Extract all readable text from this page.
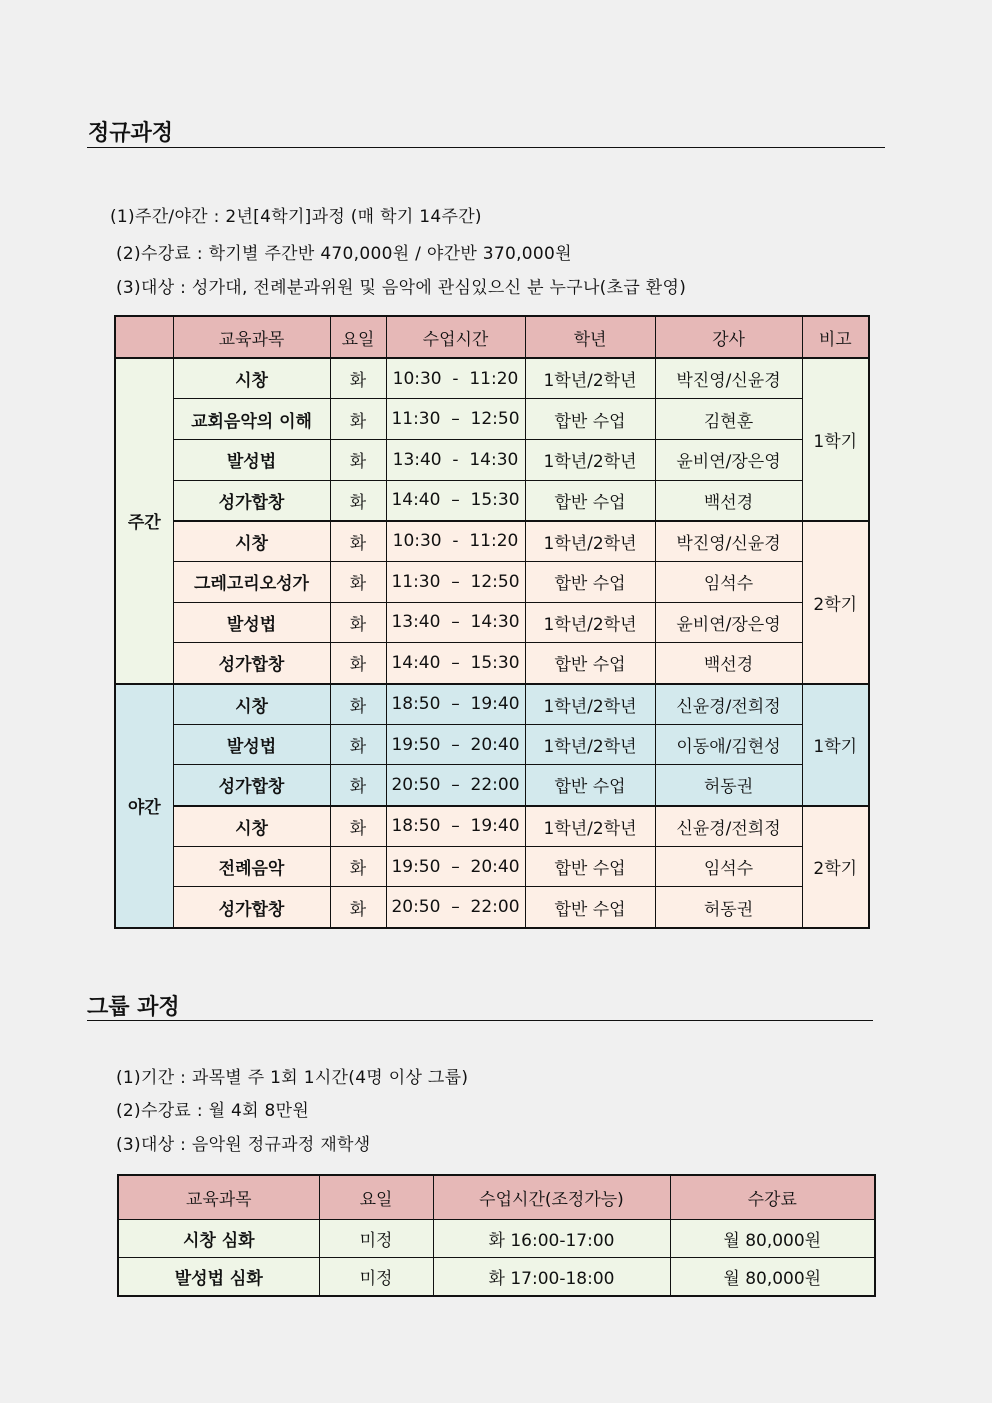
정규과정
(1)주간/야간 : 2년[4학기]과정 (매 학기 14주간)
(2)수강료 : 학기별 주간반 470,000원 / 야간반 370,000원
(3)대상 : 성가대, 전례분과위원 및 음악에 관심있으신 분 누구나(초급 환영)
	교육과목	요일	수업시간	학년	강사	비고
주간	시창	화	10:30  -  11:20	1학년/2학년	박진영/신윤경	1학기
	교회음악의 이해	화	11:30  –  12:50	합반 수업	김현훈	
	발성법	화	13:40  -  14:30	1학년/2학년	윤비연/장은영	
	성가합창	화	14:40  –  15:30	합반 수업	백선경	
	시창	화	10:30  -  11:20	1학년/2학년	박진영/신윤경	2학기
	그레고리오성가	화	11:30  –  12:50	합반 수업	임석수	
	발성법	화	13:40  –  14:30	1학년/2학년	윤비연/장은영	
	성가합창	화	14:40  –  15:30	합반 수업	백선경	
야간	시창	화	18:50  –  19:40	1학년/2학년	신윤경/전희정	1학기
	발성법	화	19:50  –  20:40	1학년/2학년	이동애/김현성	
	성가합창	화	20:50  –  22:00	합반 수업	허동권	
	시창	화	18:50  –  19:40	1학년/2학년	신윤경/전희정	2학기
	전례음악	화	19:50  –  20:40	합반 수업	임석수	
	성가합창	화	20:50  –  22:00	합반 수업	허동권	
그룹 과정
(1)기간 : 과목별 주 1회 1시간(4명 이상 그룹)
(2)수강료 : 월 4회 8만원
(3)대상 : 음악원 정규과정 재학생
교육과목	요일	수업시간(조정가능)	수강료
시창 심화	미정	화 16:00-17:00	월 80,000원
발성법 심화	미정	화 17:00-18:00	월 80,000원
